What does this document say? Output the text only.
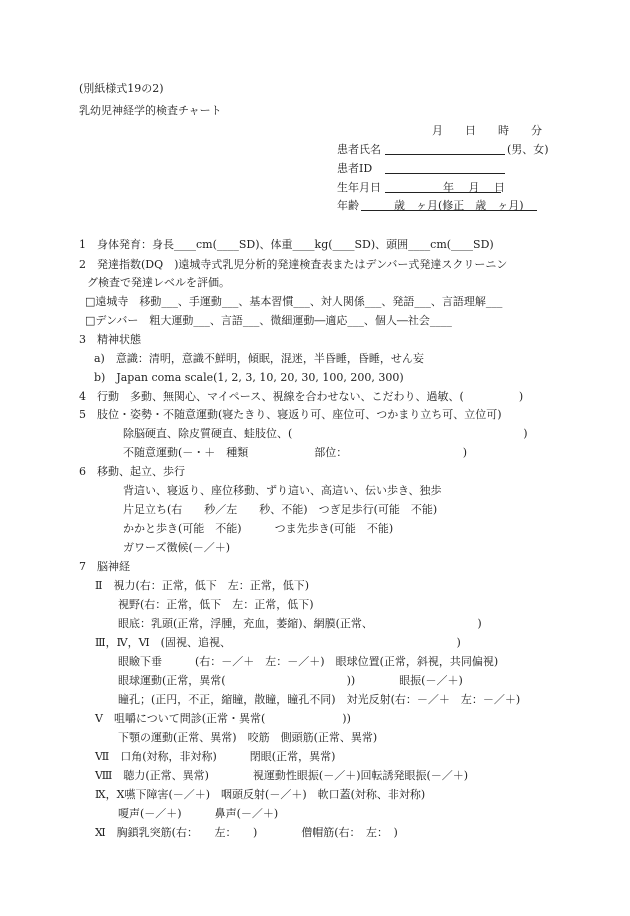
(別紙様式19の2)
乳幼児神経学的検査チャート
月　　日　　時　　分
患者氏名	(男、女)
患者ID
生年月日	年　 月　 日
年齢	歳　ヶ月(修正　歳　ヶ月)
1　身体発育：身長____cm(____SD)、体重____kg(____SD)、頭囲____cm(____SD)
2　発達指数(DQ　)遠城寺式乳児分析的発達検査表またはデンバー式発達スクリーニン
グ検査で発達レベルを評価。
□遠城寺　移動___、手運動___、基本習慣___、対人関係___、発語___、言語理解___
□デンバー　粗大運動___、言語___、微細運動―適応___、個人―社会____
3　精神状態
a)　意識：清明，意識不鮮明，傾眠，混迷，半昏睡，昏睡，せん妄
b)　Japan coma scale(1, 2, 3, 10, 20, 30, 100, 200, 300)
4　行動　多動、無関心、マイペース、視線を合わせない、こだわり、過敏、(　　　　　)
5　肢位・姿勢・不随意運動(寝たきり、寝返り可、座位可、つかまり立ち可、立位可)
除脳硬直、除皮質硬直、蛙肢位、(　　　　　　　　　　　　　　　　　　　　　)
不随意運動(－・＋　種類　　　　　　部位：　　　　　　　　　　　)
6　移動、起立、歩行
背這い、寝返り、座位移動、ずり這い、高這い、伝い歩き、独歩
片足立ち(右　　秒／左　　秒、不能)　つぎ足歩行(可能　不能)
かかと歩き(可能　不能)　　　つま先歩き(可能　不能)
ガワーズ徴候(－／＋)
7　脳神経
Ⅱ　視力(右：正常，低下　左：正常，低下)
視野(右：正常，低下　左：正常，低下)
眼底：乳頭(正常，浮腫，充血，萎縮)、網膜(正常、　　　　　　　　　　)
Ⅲ，Ⅳ，Ⅵ　(固視、追視、　　　　　　　　　　　　　　　　　　　　　)
眼瞼下垂　　　(右：－／＋　左：－／＋)　眼球位置(正常，斜視，共同偏視)
眼球運動(正常，異常(　　　　　　　　　　　))　　　　眼振(－／＋)
瞳孔；(正円，不正，縮瞳，散瞳，瞳孔不同)　対光反射(右：－／＋　左：－／＋)
Ⅴ　咀嚼について問診(正常・異常(　　　　　　　))
下顎の運動(正常、異常)　咬筋　側頭筋(正常、異常)
Ⅶ　口角(対称，非対称)　　　閉眼(正常，異常)
Ⅷ　聴力(正常、異常)　　　　視運動性眼振(－／＋)回転誘発眼振(－／＋)
Ⅸ，Ⅹ嚥下障害(－／＋)　咽頭反射(－／＋)　軟口蓋(対称、非対称)
嗄声(－／＋)　　　鼻声(－／＋)
Ⅺ　胸鎖乳突筋(右：　　左：　　)　　　　僧帽筋(右：　左：　)
